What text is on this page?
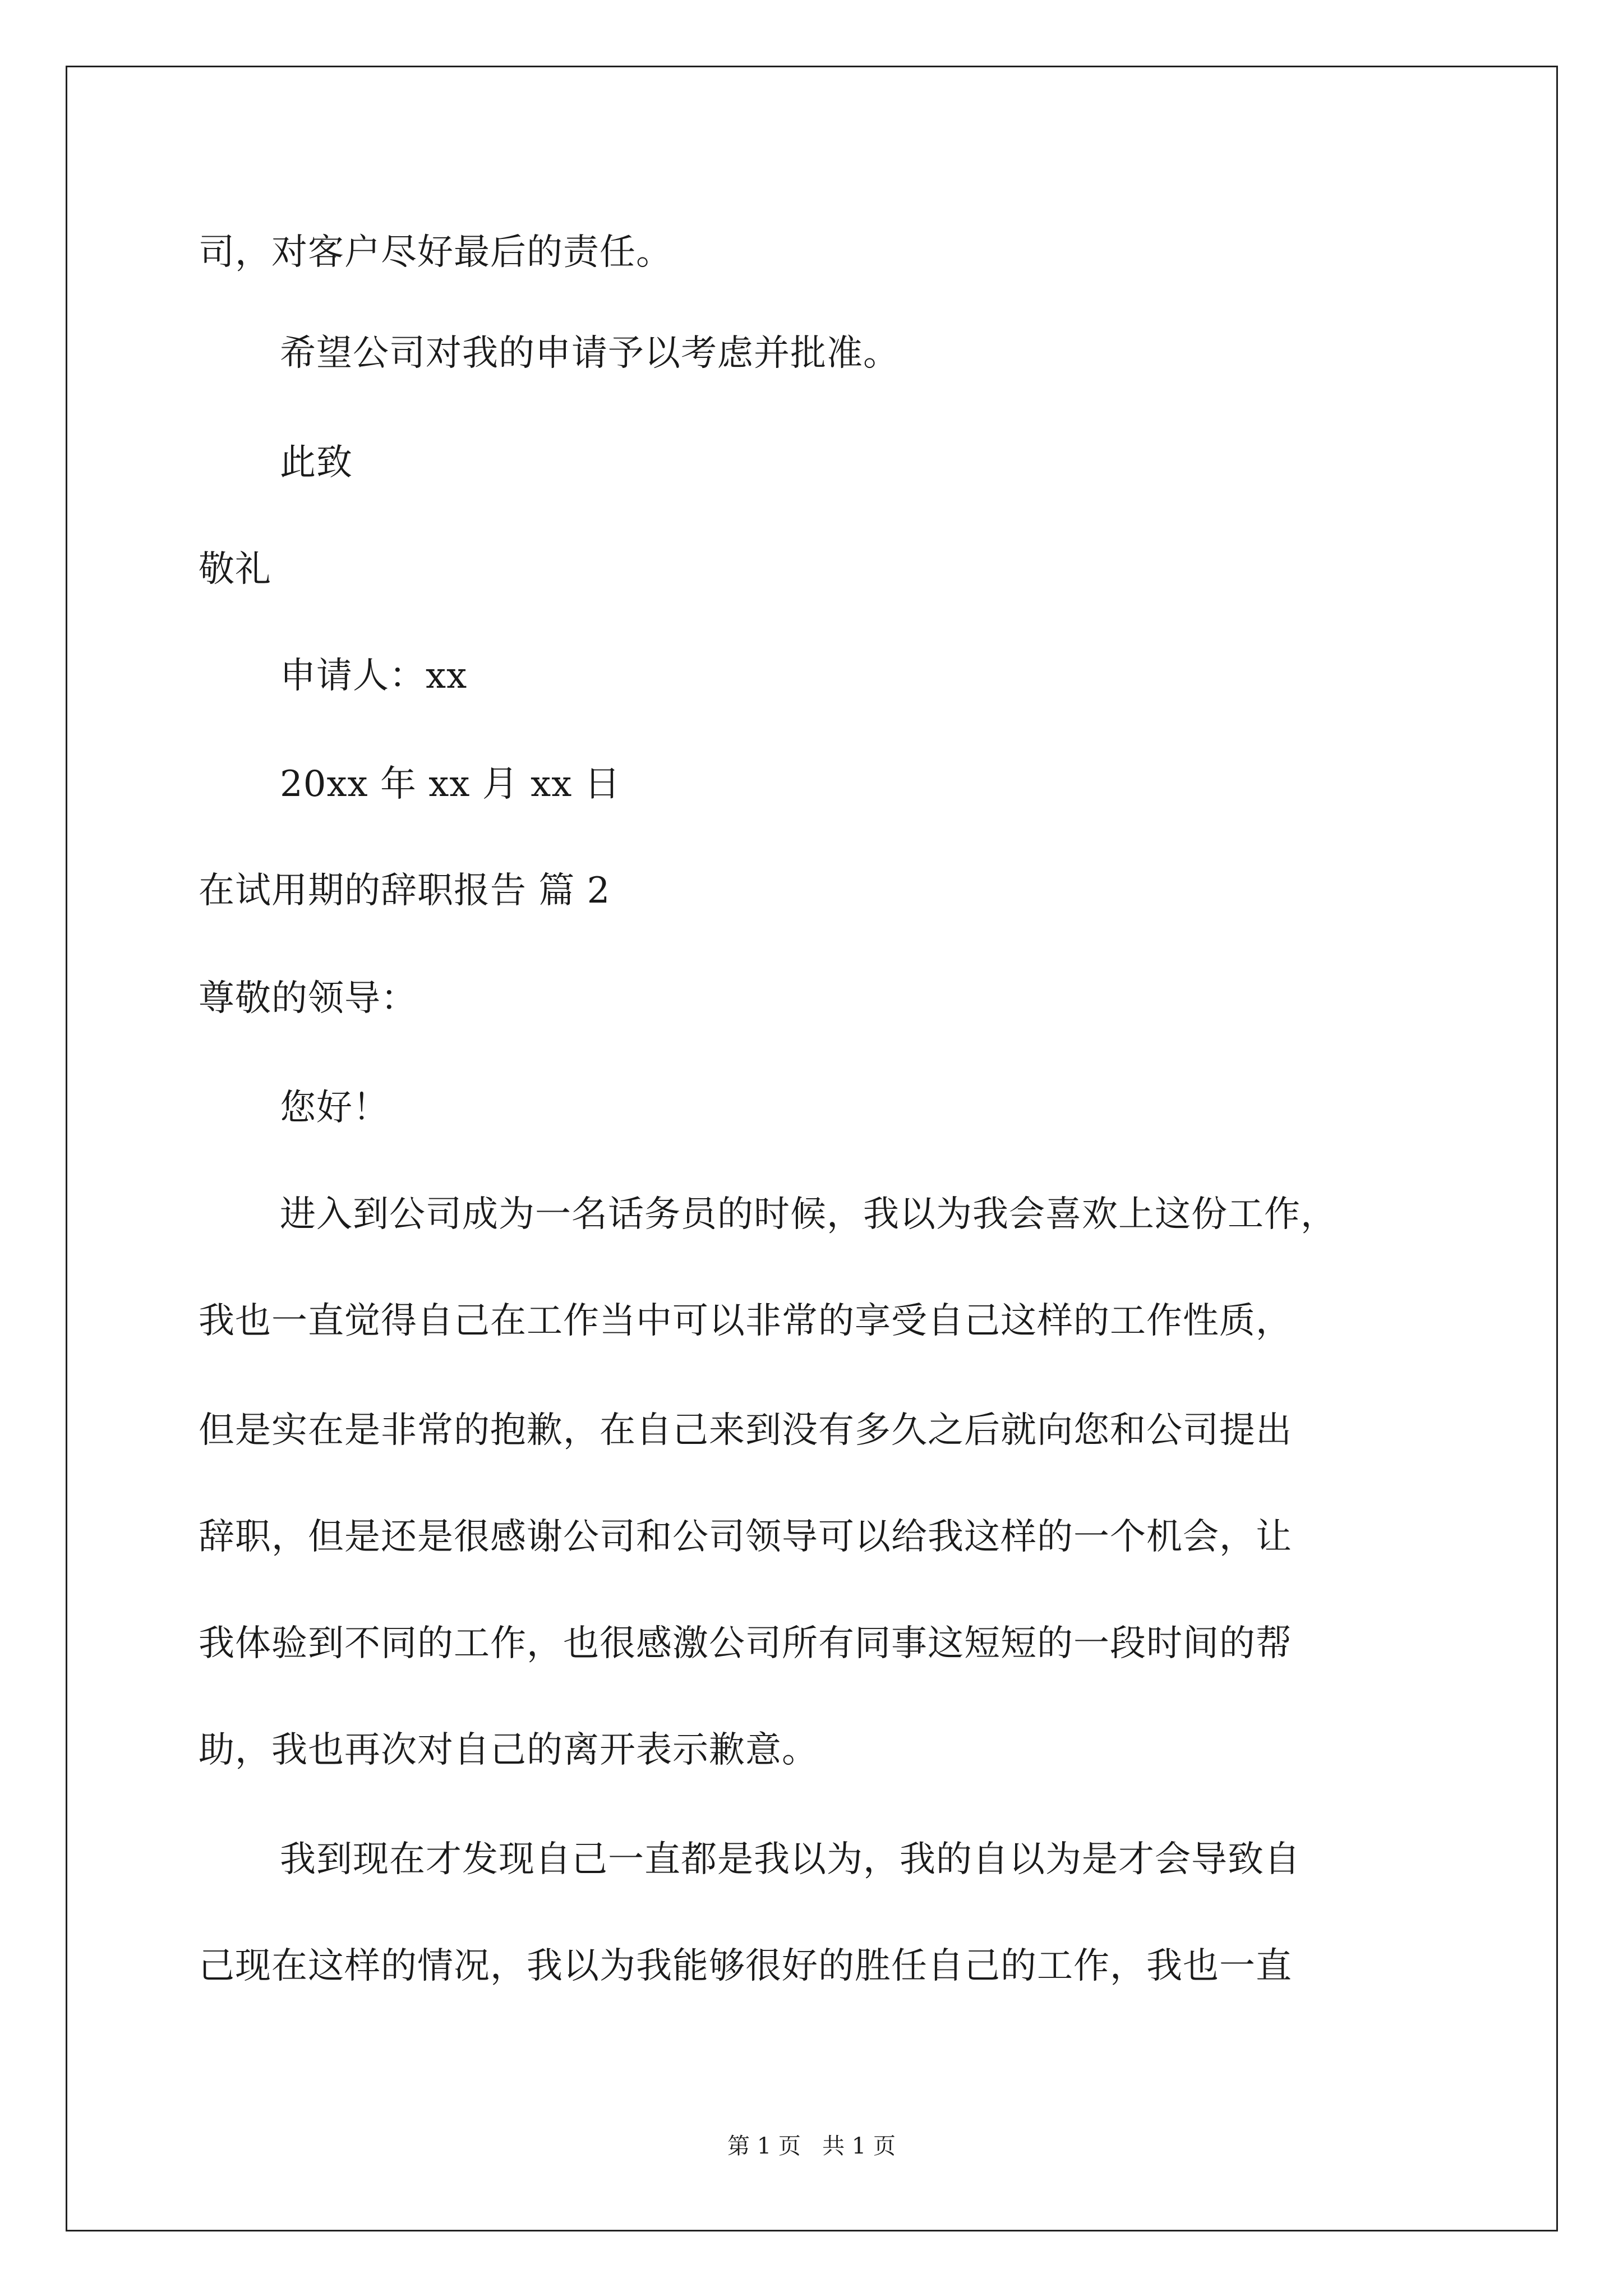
司，对客户尽好最后的责任。
希望公司对我的申请予以考虑并批准。
此致
敬礼
申请人：xx
20xx 年 xx 月 xx 日
在试用期的辞职报告 篇 2
尊敬的领导：
您好！
进入到公司成为一名话务员的时候，我以为我会喜欢上这份工作，
我也一直觉得自己在工作当中可以非常的享受自己这样的工作性质，
但是实在是非常的抱歉，在自己来到没有多久之后就向您和公司提出
辞职，但是还是很感谢公司和公司领导可以给我这样的一个机会，让
我体验到不同的工作，也很感激公司所有同事这短短的一段时间的帮
助，我也再次对自己的离开表示歉意。
我到现在才发现自己一直都是我以为，我的自以为是才会导致自
己现在这样的情况，我以为我能够很好的胜任自己的工作，我也一直
第 1 页   共 1 页
